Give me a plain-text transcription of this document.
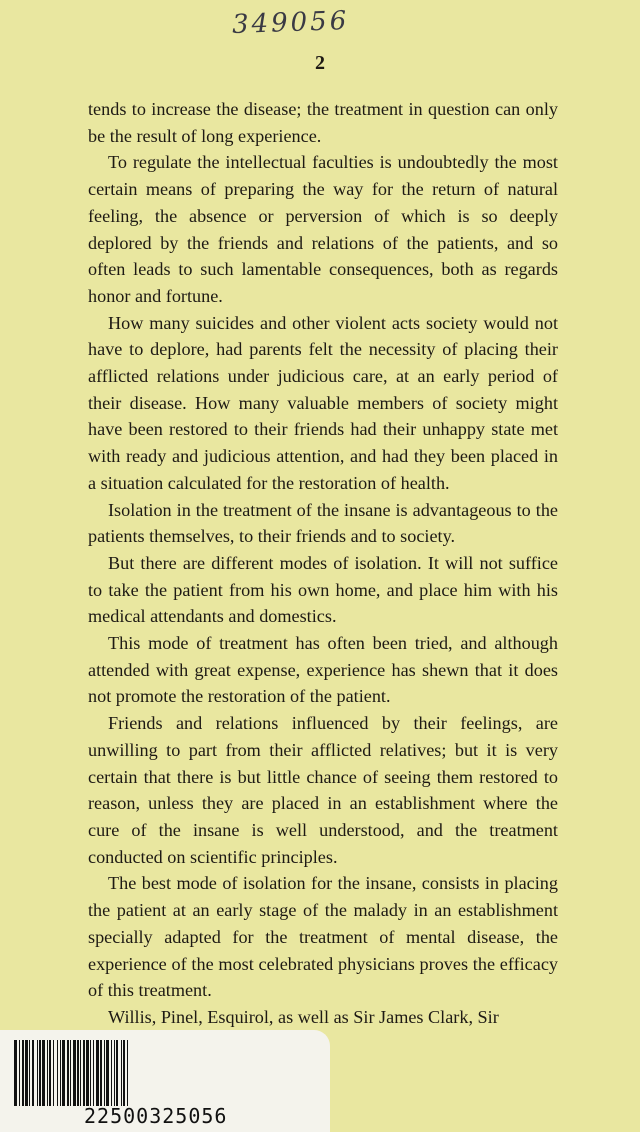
349056
2

tends to increase the disease; the treatment in question can only be the result of long experience.

To regulate the intellectual faculties is undoubtedly the most certain means of preparing the way for the return of natural feeling, the absence or perversion of which is so deeply deplored by the friends and relations of the patients, and so often leads to such lamentable consequences, both as regards honor and fortune.

How many suicides and other violent acts society would not have to deplore, had parents felt the necessity of placing their afflicted relations under judicious care, at an early period of their disease. How many valuable members of society might have been restored to their friends had their unhappy state met with ready and judicious attention, and had they been placed in a situation calculated for the restoration of health.

Isolation in the treatment of the insane is advantageous to the patients themselves, to their friends and to society.

But there are different modes of isolation. It will not suffice to take the patient from his own home, and place him with his medical attendants and domestics.

This mode of treatment has often been tried, and although attended with great expense, experience has shewn that it does not promote the restoration of the patient.

Friends and relations influenced by their feelings, are unwilling to part from their afflicted relatives; but it is very certain that there is but little chance of seeing them restored to reason, unless they are placed in an establishment where the cure of the insane is well understood, and the treatment conducted on scientific principles.

The best mode of isolation for the insane, consists in placing the patient at an early stage of the malady in an establishment specially adapted for the treatment of mental disease, the experience of the most celebrated physicians proves the efficacy of this treatment.

Willis, Pinel, Esquirol, as well as Sir James Clark, Sir

22500325056
